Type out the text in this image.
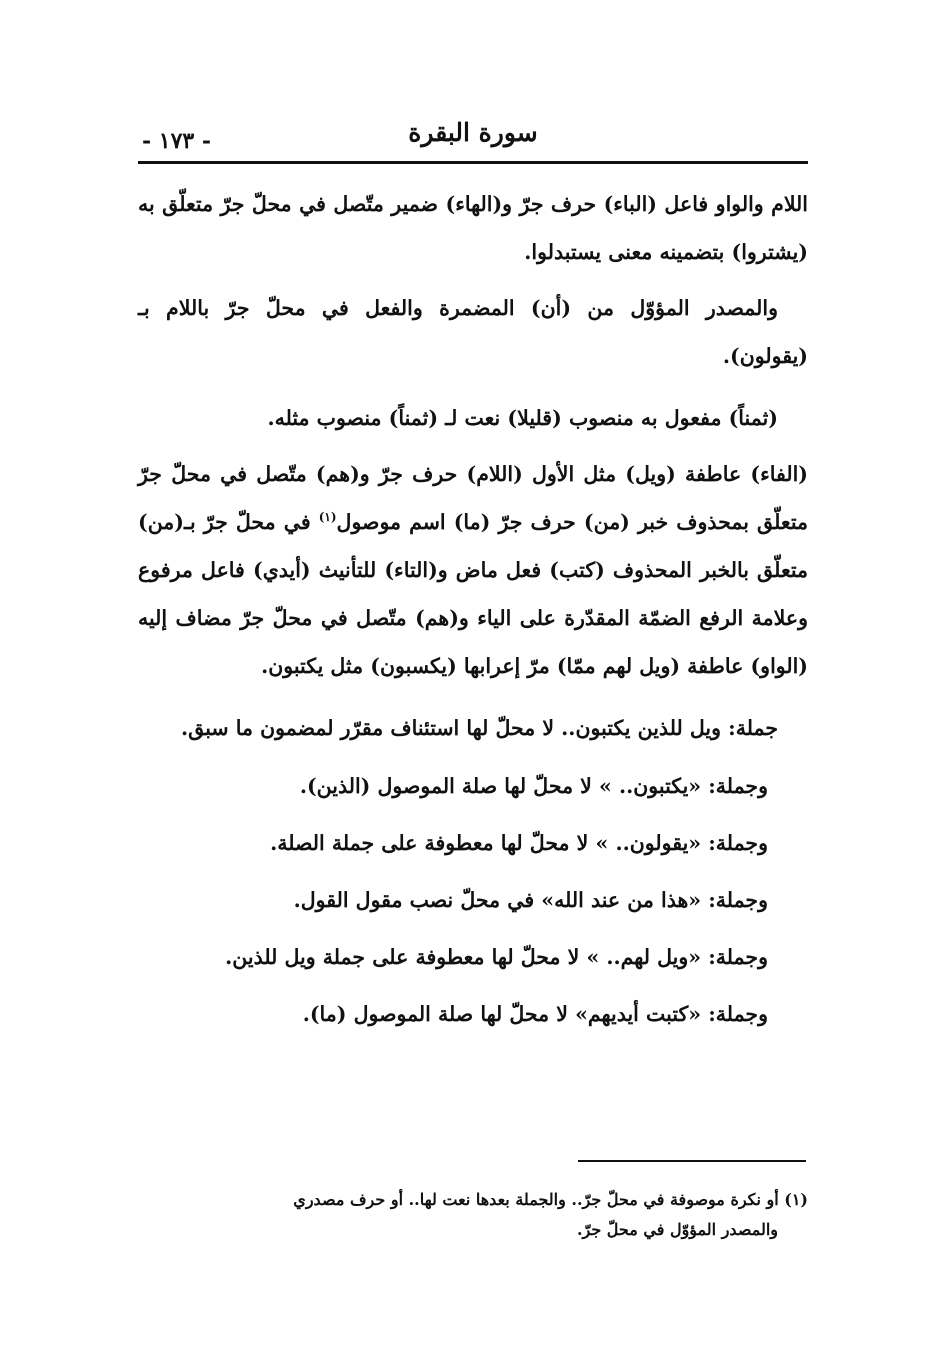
- ١٧٣ -	سورة البقرة

اللام والواو فاعل (الباء) حرف جرّ و(الهاء) ضمير متّصل في محلّ جرّ متعلّق به (يشتروا) بتضمينه معنى يستبدلوا.

والمصدر المؤوّل من (أن) المضمرة والفعل في محلّ جرّ باللام بـ (يقولون).

(ثمناً) مفعول به منصوب (قليلا) نعت لـ (ثمناً) منصوب مثله.

(الفاء) عاطفة (ويل) مثل الأول (اللام) حرف جرّ و(هم) متّصل في محلّ جرّ متعلّق بمحذوف خبر (من) حرف جرّ (ما) اسم موصول$^{(١)}$ في محلّ جرّ بـ(من) متعلّق بالخبر المحذوف (كتب) فعل ماض و(التاء) للتأنيث (أيدي) فاعل مرفوع وعلامة الرفع الضمّة المقدّرة على الياء و(هم) متّصل في محلّ جرّ مضاف إليه (الواو) عاطفة (ويل لهم ممّا) مرّ إعرابها (يكسبون) مثل يكتبون.

جملة: ويل للذين يكتبون.. لا محلّ لها استئناف مقرّر لمضمون ما سبق.

وجملة: «يكتبون.. » لا محلّ لها صلة الموصول (الذين).
وجملة: «يقولون.. » لا محلّ لها معطوفة على جملة الصلة.
وجملة: «هذا من عند الله» في محلّ نصب مقول القول.
وجملة: «ويل لهم.. » لا محلّ لها معطوفة على جملة ويل للذين.
وجملة: «كتبت أيديهم» لا محلّ لها صلة الموصول (ما).
(١) أو نكرة موصوفة في محلّ جرّ.. والجملة بعدها نعت لها.. أو حرف مصدري
والمصدر المؤوّل في محلّ جرّ.
